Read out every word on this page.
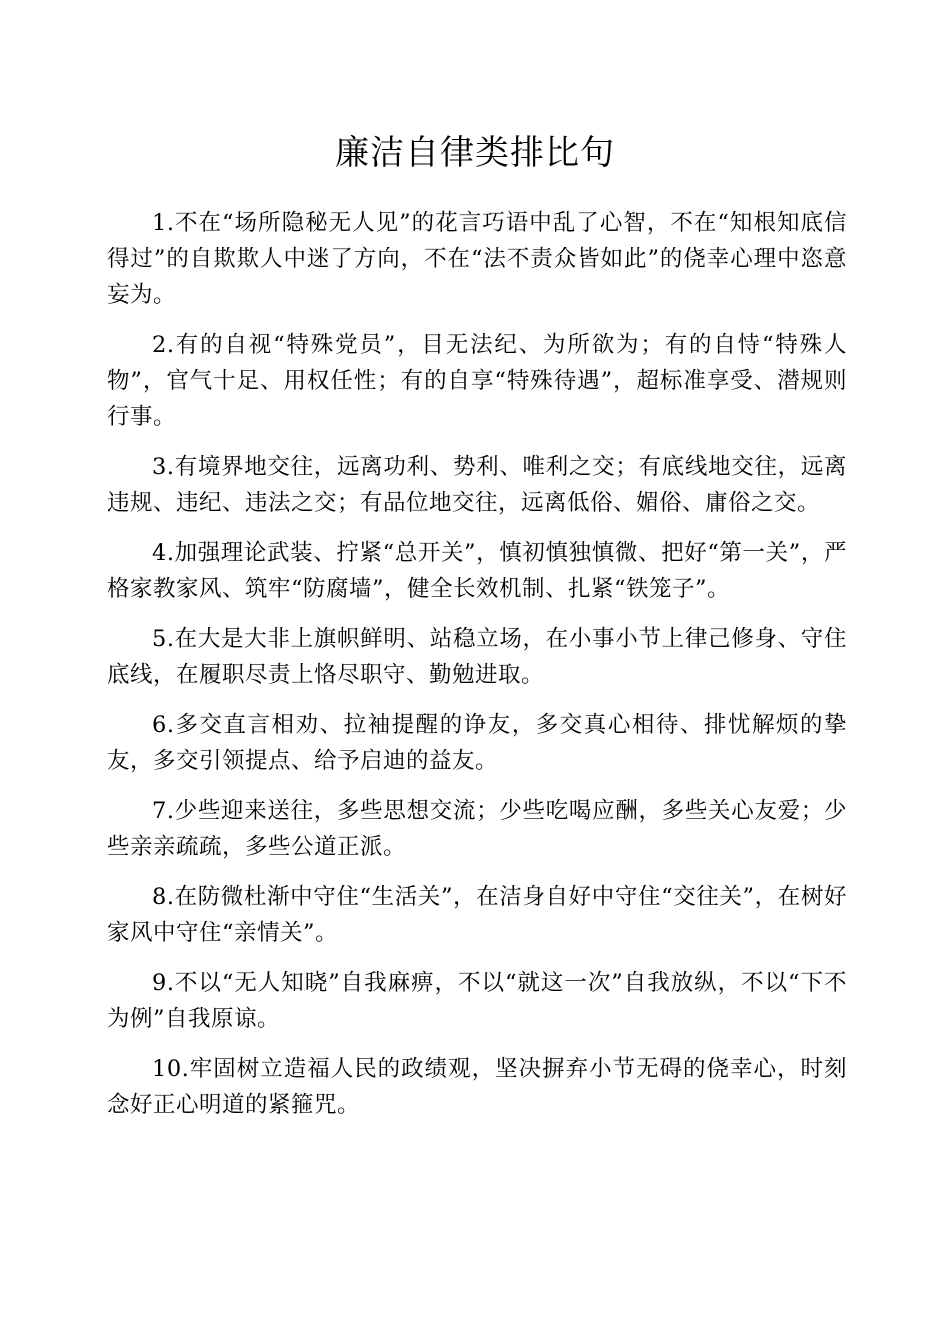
廉洁自律类排比句

1.不在“场所隐秘无人见”的花言巧语中乱了心智，不在“知根知底信得过”的自欺欺人中迷了方向，不在“法不责众皆如此”的侥幸心理中恣意妄为。

2.有的自视“特殊党员”，目无法纪、为所欲为；有的自恃“特殊人物”，官气十足、用权任性；有的自享“特殊待遇”，超标准享受、潜规则行事。

3.有境界地交往，远离功利、势利、唯利之交；有底线地交往，远离违规、违纪、违法之交；有品位地交往，远离低俗、媚俗、庸俗之交。

4.加强理论武装、拧紧“总开关”，慎初慎独慎微、把好“第一关”，严格家教家风、筑牢“防腐墙”，健全长效机制、扎紧“铁笼子”。

5.在大是大非上旗帜鲜明、站稳立场，在小事小节上律己修身、守住底线，在履职尽责上恪尽职守、勤勉进取。

6.多交直言相劝、拉袖提醒的诤友，多交真心相待、排忧解烦的挚友，多交引领提点、给予启迪的益友。

7.少些迎来送往，多些思想交流；少些吃喝应酬，多些关心友爱；少些亲亲疏疏，多些公道正派。

8.在防微杜渐中守住“生活关”，在洁身自好中守住“交往关”，在树好家风中守住“亲情关”。

9.不以“无人知晓”自我麻痹，不以“就这一次”自我放纵，不以“下不为例”自我原谅。

10.牢固树立造福人民的政绩观，坚决摒弃小节无碍的侥幸心，时刻念好正心明道的紧箍咒。
